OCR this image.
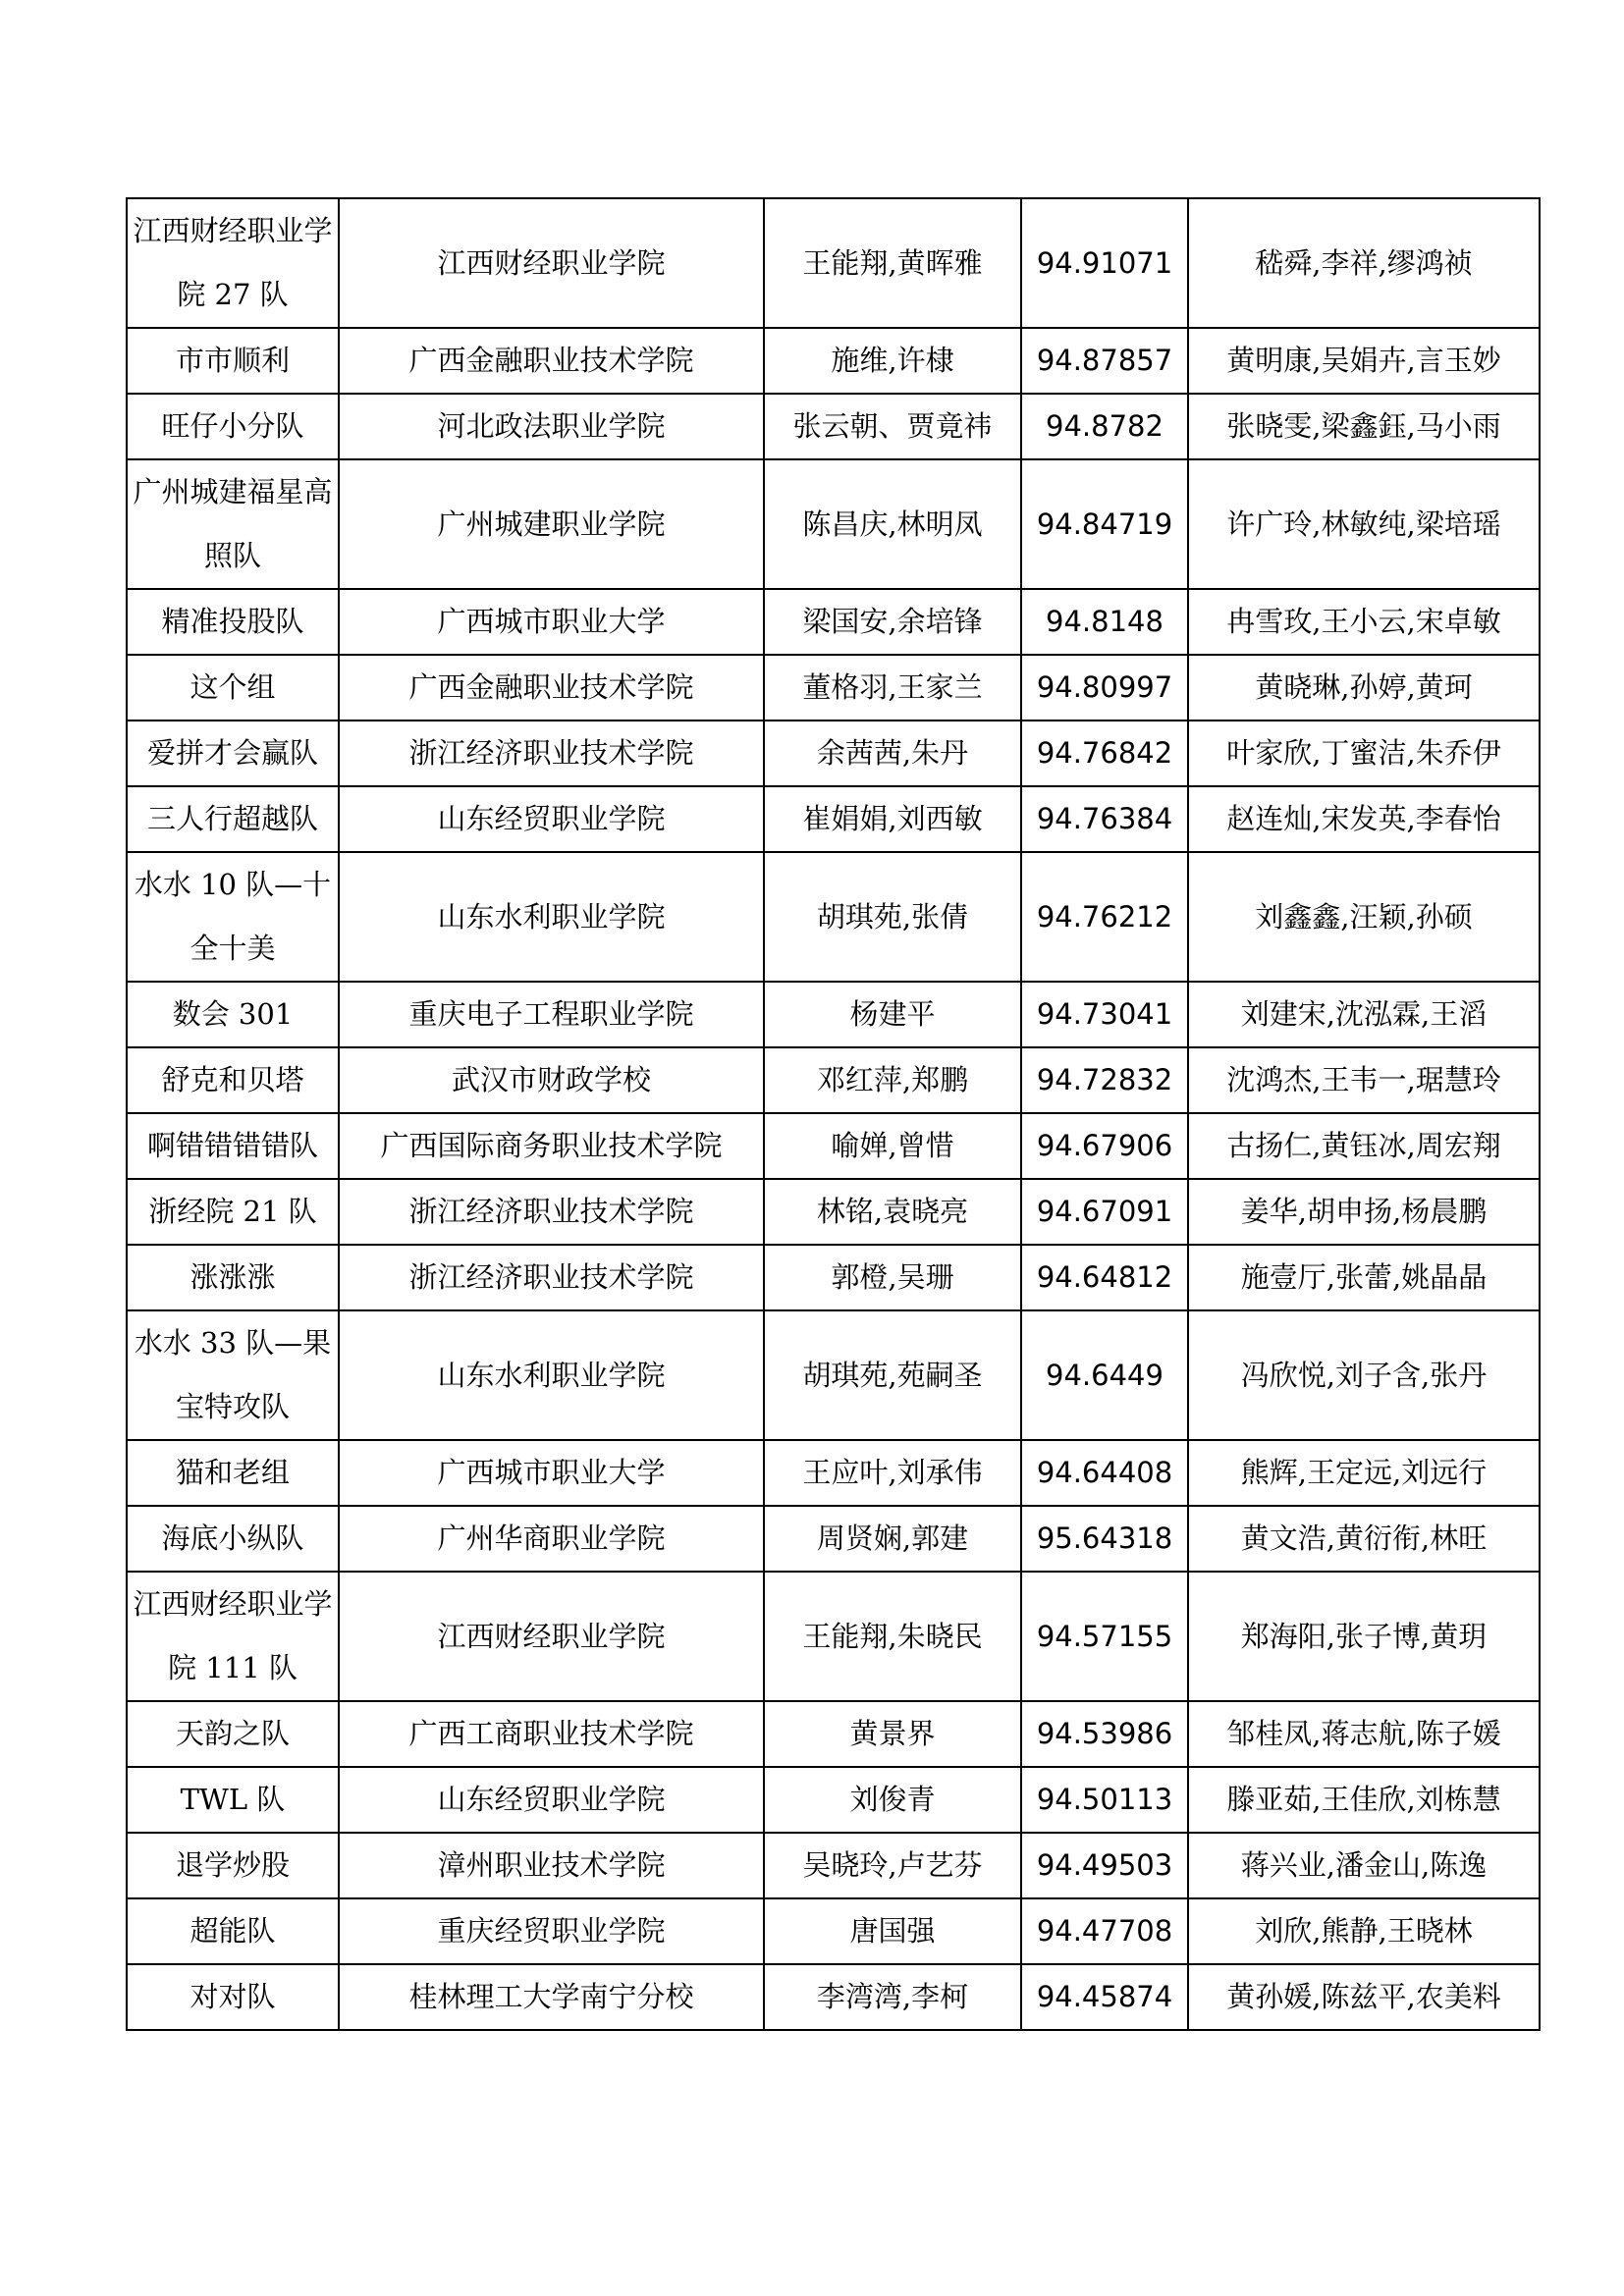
江西财经职业学院 27 队	江西财经职业学院	王能翔,黄晖雅	94.91071	嵇舜,李祥,缪鸿祯
市市顺利	广西金融职业技术学院	施维,许棣	94.87857	黄明康,吴娟卉,言玉妙
旺仔小分队	河北政法职业学院	张云朝、贾竟祎	94.8782	张晓雯,梁鑫鈺,马小雨
广州城建福星高照队	广州城建职业学院	陈昌庆,林明凤	94.84719	许广玲,林敏纯,梁培瑶
精准投股队	广西城市职业大学	梁国安,余培锋	94.8148	冉雪玫,王小云,宋卓敏
这个组	广西金融职业技术学院	董格羽,王家兰	94.80997	黄晓琳,孙婷,黄珂
爱拼才会赢队	浙江经济职业技术学院	余茜茜,朱丹	94.76842	叶家欣,丁蜜洁,朱乔伊
三人行超越队	山东经贸职业学院	崔娟娟,刘西敏	94.76384	赵连灿,宋发英,李春怡
水水 10 队—十全十美	山东水利职业学院	胡琪苑,张倩	94.76212	刘鑫鑫,汪颖,孙硕
数会 301	重庆电子工程职业学院	杨建平	94.73041	刘建宋,沈泓霖,王滔
舒克和贝塔	武汉市财政学校	邓红萍,郑鹏	94.72832	沈鸿杰,王韦一,琚慧玲
啊错错错错队	广西国际商务职业技术学院	喻婵,曾惜	94.67906	古扬仁,黄钰冰,周宏翔
浙经院 21 队	浙江经济职业技术学院	林铭,袁晓亮	94.67091	姜华,胡申扬,杨晨鹏
涨涨涨	浙江经济职业技术学院	郭橙,吴珊	94.64812	施壹厅,张蕾,姚晶晶
水水 33 队—果宝特攻队	山东水利职业学院	胡琪苑,苑嗣圣	94.6449	冯欣悦,刘子含,张丹
猫和老组	广西城市职业大学	王应叶,刘承伟	94.64408	熊辉,王定远,刘远行
海底小纵队	广州华商职业学院	周贤娴,郭建	95.64318	黄文浩,黄衍衔,林旺
江西财经职业学院 111 队	江西财经职业学院	王能翔,朱晓民	94.57155	郑海阳,张子博,黄玥
天韵之队	广西工商职业技术学院	黄景界	94.53986	邹桂凤,蒋志航,陈子媛
TWL 队	山东经贸职业学院	刘俊青	94.50113	滕亚茹,王佳欣,刘栋慧
退学炒股	漳州职业技术学院	吴晓玲,卢艺芬	94.49503	蒋兴业,潘金山,陈逸
超能队	重庆经贸职业学院	唐国强	94.47708	刘欣,熊静,王晓林
对对队	桂林理工大学南宁分校	李湾湾,李柯	94.45874	黄孙媛,陈兹平,农美料
